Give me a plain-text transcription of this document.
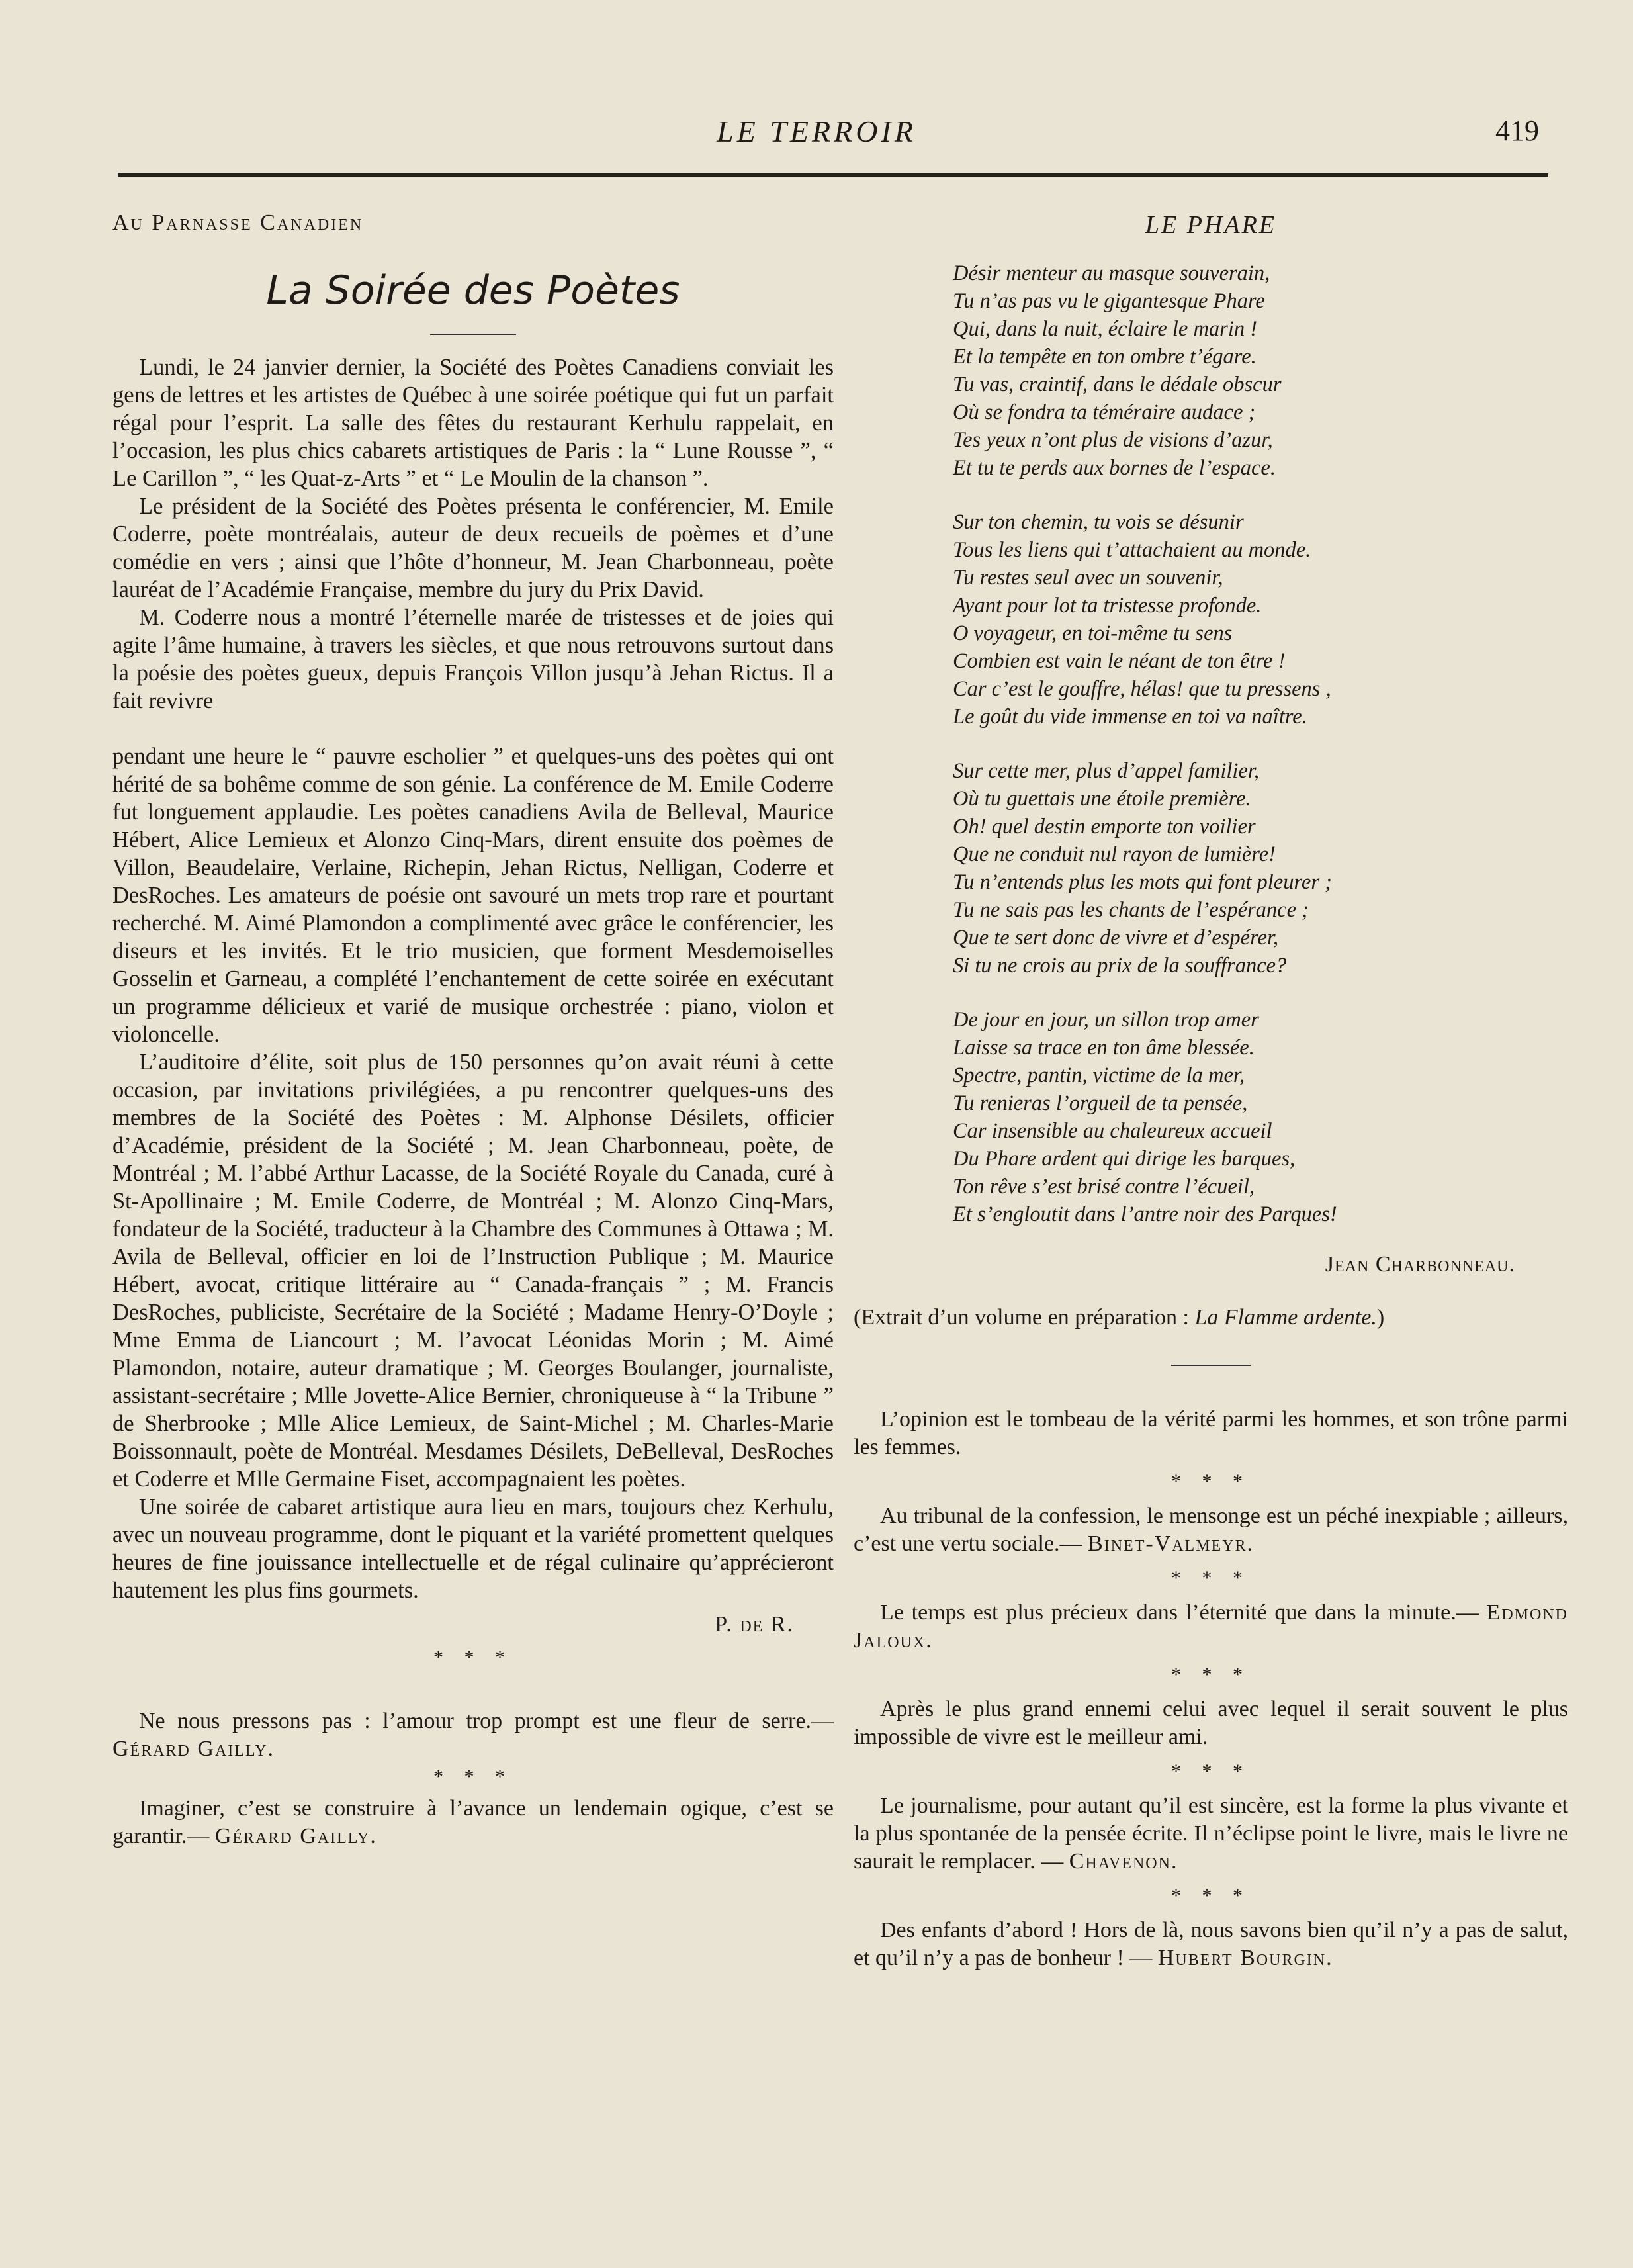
LE TERROIR	419
Au Parnasse Canadien
La Soirée des Poètes

Lundi, le 24 janvier dernier, la Société des Poètes Canadiens conviait les gens de lettres et les artistes de Québec à une soirée poétique qui fut un parfait régal pour l’esprit. La salle des fêtes du restaurant Kerhulu rappelait, en l’occasion, les plus chics cabarets artistiques de Paris : la “ Lune Rousse ”, “ Le Carillon ”, “ les Quat-z-Arts ” et “ Le Moulin de la chanson ”.

Le président de la Société des Poètes présenta le conférencier, M. Emile Coderre, poète montréalais, auteur de deux recueils de poèmes et d’une comédie en vers ; ainsi que l’hôte d’honneur, M. Jean Charbonneau, poète lauréat de l’Académie Française, membre du jury du Prix David.

M. Coderre nous a montré l’éternelle marée de tristesses et de joies qui agite l’âme humaine, à travers les siècles, et que nous retrouvons surtout dans la poésie des poètes gueux, depuis François Villon jusqu’à Jehan Rictus. Il a fait revivre

pendant une heure le “ pauvre escholier ” et quelques-uns des poètes qui ont hérité de sa bohême comme de son génie. La conférence de M. Emile Coderre fut longuement applaudie. Les poètes canadiens Avila de Belleval, Maurice Hébert, Alice Lemieux et Alonzo Cinq-Mars, dirent ensuite dos poèmes de Villon, Beaudelaire, Verlaine, Richepin, Jehan Rictus, Nelligan, Coderre et DesRoches. Les amateurs de poésie ont savouré un mets trop rare et pourtant recherché. M. Aimé Plamondon a complimenté avec grâce le conférencier, les diseurs et les invités. Et le trio musicien, que forment Mesdemoiselles Gosselin et Garneau, a complété l’enchantement de cette soirée en exécutant un programme délicieux et varié de musique orchestrée : piano, violon et violoncelle.

L’auditoire d’élite, soit plus de 150 personnes qu’on avait réuni à cette occasion, par invitations privilégiées, a pu rencontrer quelques-uns des membres de la Société des Poètes : M. Alphonse Désilets, officier d’Académie, président de la Société ; M. Jean Charbonneau, poète, de Montréal ; M. l’abbé Arthur Lacasse, de la Société Royale du Canada, curé à St-Apollinaire ; M. Emile Coderre, de Montréal ; M. Alonzo Cinq-Mars, fondateur de la Société, traducteur à la Chambre des Communes à Ottawa ; M. Avila de Belleval, officier en loi de l’Instruction Publique ; M. Maurice Hébert, avocat, critique littéraire au “ Canada-français ” ; M. Francis DesRoches, publiciste, Secrétaire de la Société ; Madame Henry-O’Doyle ; Mme Emma de Liancourt ; M. l’avocat Léonidas Morin ; M. Aimé Plamondon, notaire, auteur dramatique ; M. Georges Boulanger, journaliste, assistant-secrétaire ; Mlle Jovette-Alice Bernier, chroniqueuse à “ la Tribune ” de Sherbrooke ; Mlle Alice Lemieux, de Saint-Michel ; M. Charles-Marie Boissonnault, poète de Montréal. Mesdames Désilets, DeBelleval, DesRoches et Coderre et Mlle Germaine Fiset, accompagnaient les poètes.

Une soirée de cabaret artistique aura lieu en mars, toujours chez Kerhulu, avec un nouveau programme, dont le piquant et la variété promettent quelques heures de fine jouissance intellectuelle et de régal culinaire qu’apprécieront hautement les plus fins gourmets.

P. de R.
* * *

Ne nous pressons pas : l’amour trop prompt est une fleur de serre.— Gérard Gailly.

* * *

Imaginer, c’est se construire à l’avance un lendemain ogique, c’est se garantir.— Gérard Gailly.

LE PHARE
Désir menteur au masque souverain,
Tu n’as pas vu le gigantesque Phare
Qui, dans la nuit, éclaire le marin !
Et la tempête en ton ombre t’égare.
Tu vas, craintif, dans le dédale obscur
Où se fondra ta téméraire audace ;
Tes yeux n’ont plus de visions d’azur,
Et tu te perds aux bornes de l’espace.
Sur ton chemin, tu vois se désunir
Tous les liens qui t’attachaient au monde.
Tu restes seul avec un souvenir,
Ayant pour lot ta tristesse profonde.
O voyageur, en toi-même tu sens
Combien est vain le néant de ton être !
Car c’est le gouffre, hélas! que tu pressens ,
Le goût du vide immense en toi va naître.
Sur cette mer, plus d’appel familier,
Où tu guettais une étoile première.
Oh! quel destin emporte ton voilier
Que ne conduit nul rayon de lumière!
Tu n’entends plus les mots qui font pleurer ;
Tu ne sais pas les chants de l’espérance ;
Que te sert donc de vivre et d’espérer,
Si tu ne crois au prix de la souffrance?
De jour en jour, un sillon trop amer
Laisse sa trace en ton âme blessée.
Spectre, pantin, victime de la mer,
Tu renieras l’orgueil de ta pensée,
Car insensible au chaleureux accueil
Du Phare ardent qui dirige les barques,
Ton rêve s’est brisé contre l’écueil,
Et s’engloutit dans l’antre noir des Parques!
Jean Charbonneau.
(Extrait d’un volume en préparation : La Flamme ardente.)

L’opinion est le tombeau de la vérité parmi les hommes, et son trône parmi les femmes.

* * *

Au tribunal de la confession, le mensonge est un péché inexpiable ; ailleurs, c’est une vertu sociale.— Binet-Valmeyr.

* * *

Le temps est plus précieux dans l’éternité que dans la minute.— Edmond Jaloux.

* * *

Après le plus grand ennemi celui avec lequel il serait souvent le plus impossible de vivre est le meilleur ami.

* * *

Le journalisme, pour autant qu’il est sincère, est la forme la plus vivante et la plus spontanée de la pensée écrite. Il n’éclipse point le livre, mais le livre ne saurait le remplacer. — Chavenon.

* * *

Des enfants d’abord ! Hors de là, nous savons bien qu’il n’y a pas de salut, et qu’il n’y a pas de bonheur ! — Hubert Bourgin.
